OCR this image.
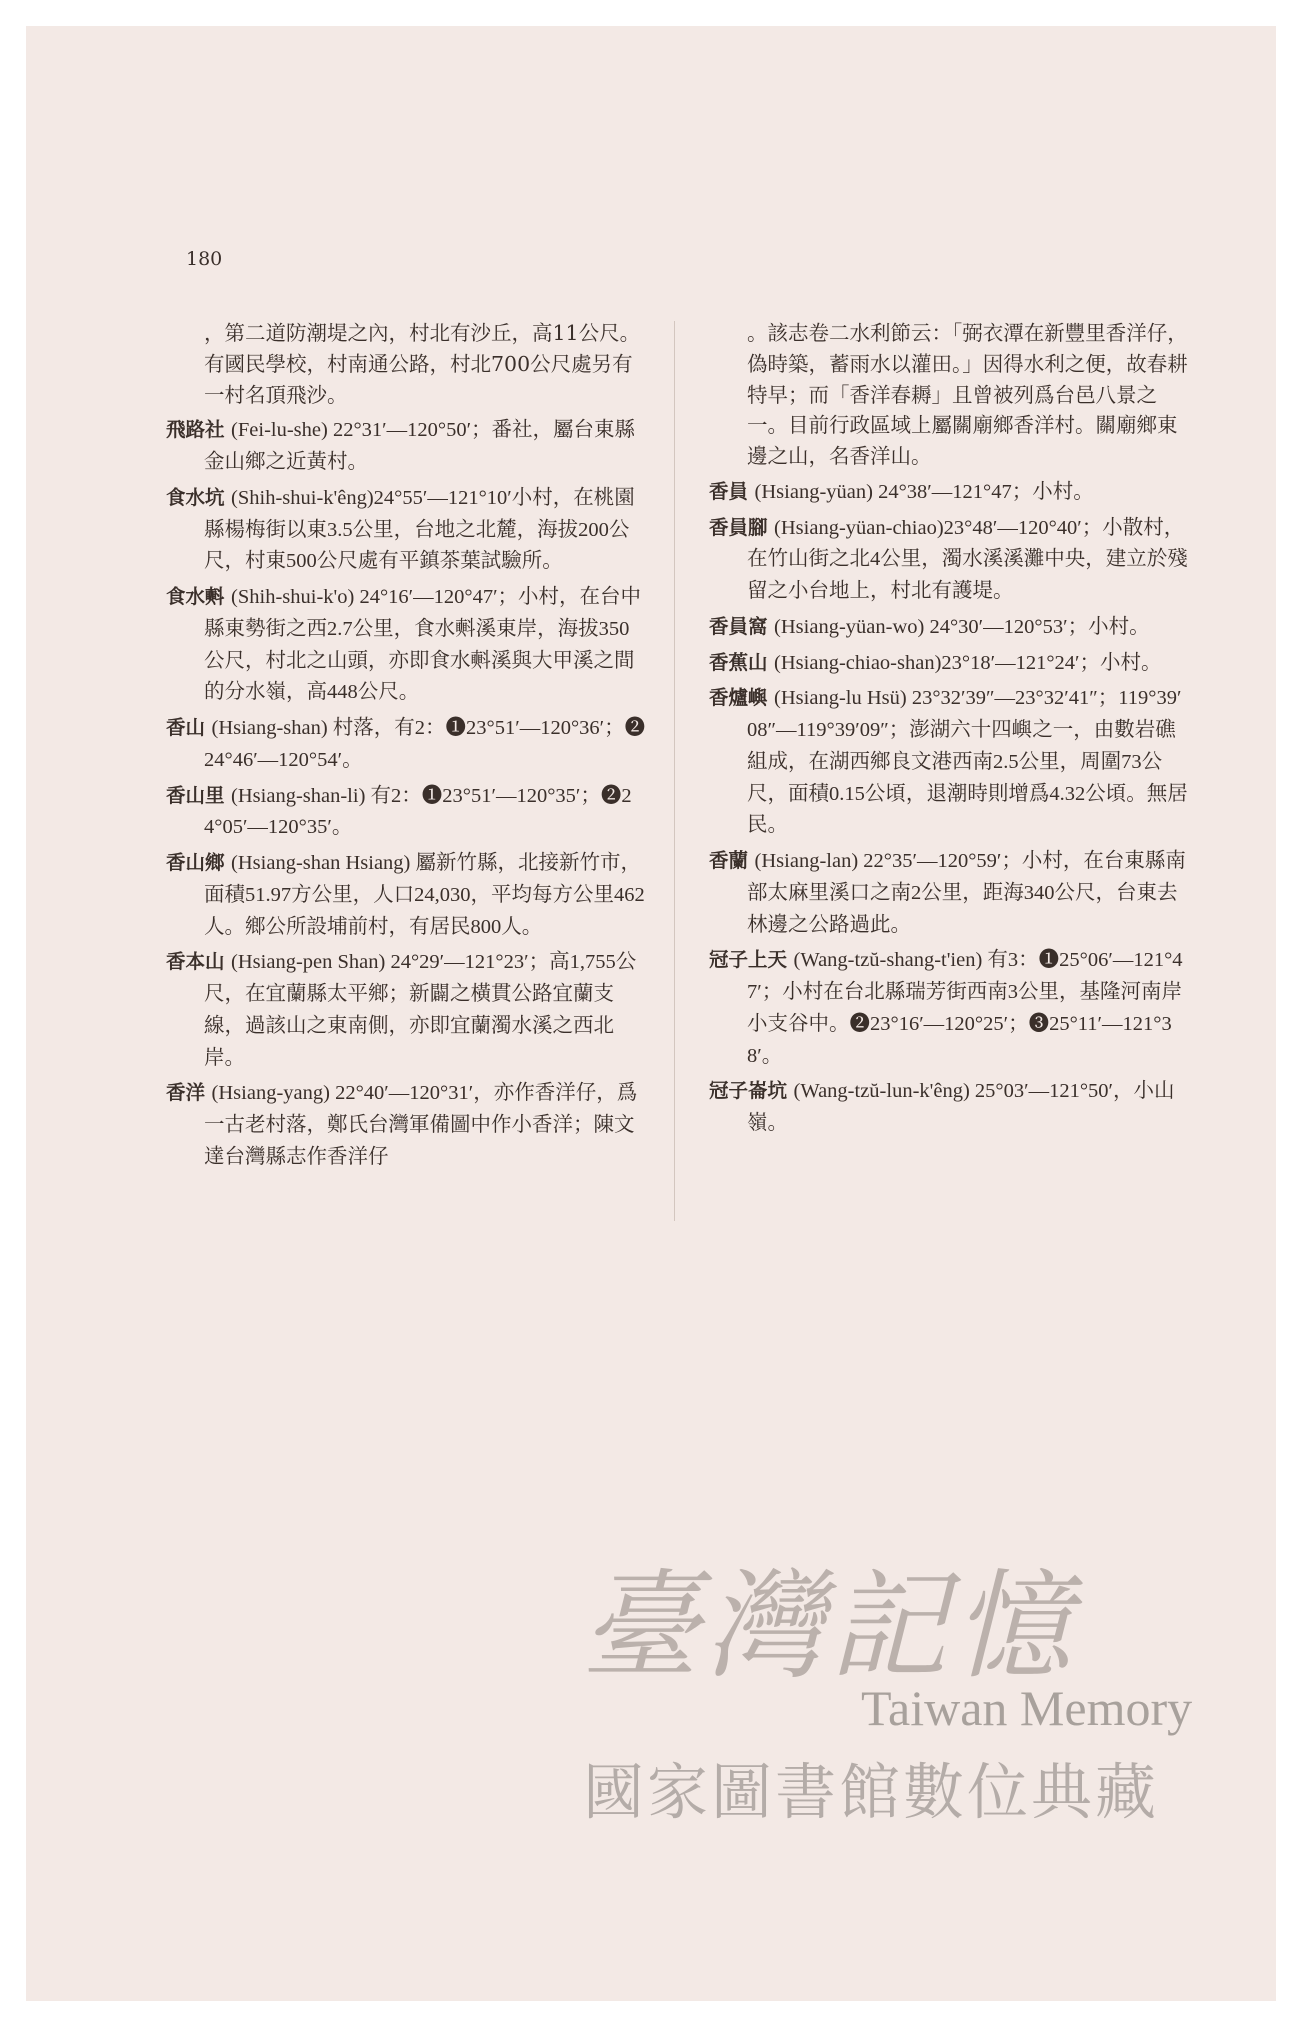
180
，第二道防潮堤之內，村北有沙丘，高11公尺。有國民學校，村南通公路，村北700公尺處另有一村名頂飛沙。
飛路社 (Fei-lu-she) 22°31′—120°50′；番社，屬台東縣金山鄉之近黃村。
食水坑 (Shih-shui-k'êng)24°55′—121°10′小村，在桃園縣楊梅街以東3.5公里，台地之北麓，海拔200公尺，村東500公尺處有平鎮茶葉試驗所。
食水㪺 (Shih-shui-k'o) 24°16′—120°47′；小村，在台中縣東勢街之西2.7公里，食水㪺溪東岸，海拔350公尺，村北之山頭，亦即食水㪺溪與大甲溪之間的分水嶺，高448公尺。
香山 (Hsiang-shan) 村落，有2：❶23°51′—120°36′；❷24°46′—120°54′。
香山里 (Hsiang-shan-li) 有2：❶23°51′—120°35′；❷24°05′—120°35′。
香山鄉 (Hsiang-shan Hsiang) 屬新竹縣，北接新竹市，面積51.97方公里，人口24,030，平均每方公里462人。鄉公所設埔前村，有居民800人。
香本山 (Hsiang-pen Shan) 24°29′—121°23′；高1,755公尺，在宜蘭縣太平鄉；新闢之橫貫公路宜蘭支線，過該山之東南側，亦即宜蘭濁水溪之西北岸。
香洋 (Hsiang-yang) 22°40′—120°31′，亦作香洋仔，爲一古老村落，鄭氏台灣軍備圖中作小香洋；陳文達台灣縣志作香洋仔
。該志卷二水利節云：「弼衣潭在新豐里香洋仔，偽時築，蓄雨水以灌田。」因得水利之便，故春耕特早；而「香洋春耨」且曾被列爲台邑八景之一。目前行政區域上屬關廟鄉香洋村。關廟鄉東邊之山，名香洋山。
香員 (Hsiang-yüan) 24°38′—121°47；小村。
香員腳 (Hsiang-yüan-chiao)23°48′—120°40′；小散村，在竹山街之北4公里，濁水溪溪灘中央，建立於殘留之小台地上，村北有護堤。
香員窩 (Hsiang-yüan-wo) 24°30′—120°53′；小村。
香蕉山 (Hsiang-chiao-shan)23°18′—121°24′；小村。
香爐嶼 (Hsiang-lu Hsü) 23°32′39″—23°32′41″；119°39′08″—119°39′09″；澎湖六十四嶼之一，由數岩礁組成，在湖西鄉良文港西南2.5公里，周圍73公尺，面積0.15公頃，退潮時則增爲4.32公頃。無居民。
香蘭 (Hsiang-lan) 22°35′—120°59′；小村，在台東縣南部太麻里溪口之南2公里，距海340公尺，台東去林邊之公路過此。
冠子上天 (Wang-tzŭ-shang-t'ien) 有3：❶25°06′—121°47′；小村在台北縣瑞芳街西南3公里，基隆河南岸小支谷中。❷23°16′—120°25′；❸25°11′—121°38′。
冠子崙坑 (Wang-tzŭ-lun-k'êng) 25°03′—121°50′，小山嶺。
臺灣記憶
Taiwan Memory
國家圖書館數位典藏
